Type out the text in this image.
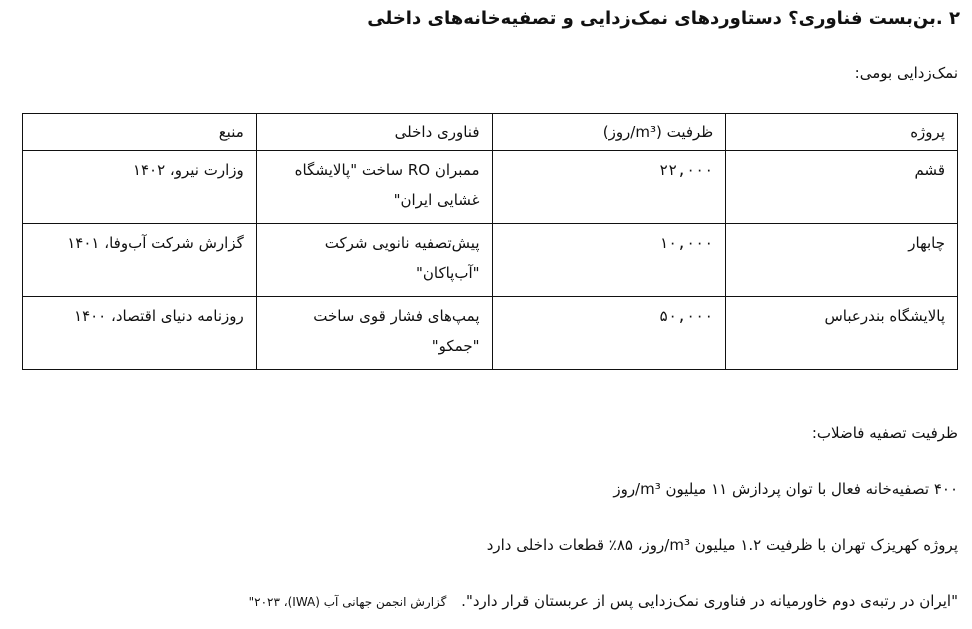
۲ .بن‌بست فناوری؟ دستاوردهای نمک‌زدایی و تصفیه‌خانه‌های داخلی
نمک‌زدایی بومی:
پروژه	ظرفیت (m³/روز)	فناوری داخلی	منبع
قشم	۲۲,۰۰۰	ممبران RO ساخت "پالایشگاه غشایی ایران"	وزارت نیرو، ۱۴۰۲
چابهار	۱۰,۰۰۰	پیش‌تصفیه نانویی شرکت "آب‌پاکان"	گزارش شرکت آب‌وفا، ۱۴۰۱
پالایشگاه بندرعباس	۵۰,۰۰۰	پمپ‌های فشار قوی ساخت "جمکو"	روزنامه دنیای اقتصاد، ۱۴۰۰
ظرفیت تصفیه فاضلاب:
۴۰۰ تصفیه‌خانه فعال با توان پردازش ۱۱ میلیون m³/روز
پروژه کهریزک تهران با ظرفیت ۱.۲ میلیون m³/روز، ۸۵٪ قطعات داخلی دارد
"ایران در رتبه‌ی دوم خاورمیانه در فناوری نمک‌زدایی پس از عربستان قرار دارد". گزارش انجمن جهانی آب (IWA)، ۲۰۲۳"
